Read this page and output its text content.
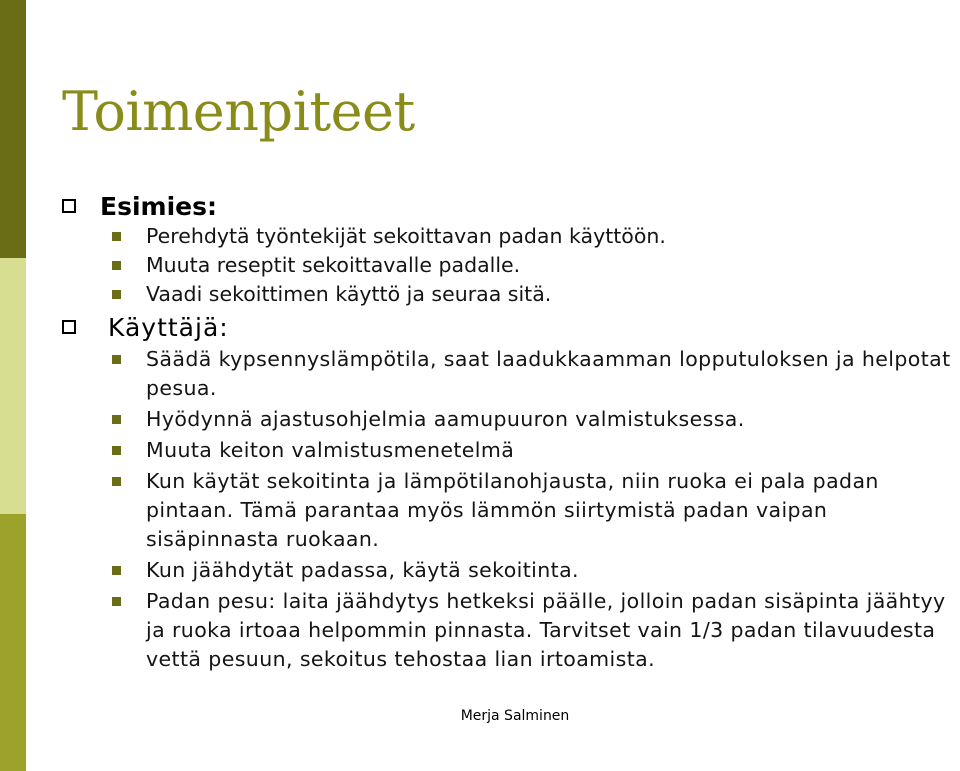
Toimenpiteet
Esimies:
Perehdytä työntekijät sekoittavan padan käyttöön.
Muuta reseptit sekoittavalle padalle.
Vaadi sekoittimen käyttö ja seuraa sitä.
Käyttäjä:
Säädä kypsennyslämpötila, saat laadukkaamman lopputuloksen ja helpotat pesua.
Hyödynnä ajastusohjelmia aamupuuron valmistuksessa.
Muuta keiton valmistusmenetelmä
Kun käytät sekoitinta ja lämpötilanohjausta, niin ruoka ei pala padan pintaan. Tämä parantaa myös lämmön siirtymistä padan vaipan sisäpinnasta ruokaan.
Kun jäähdytät padassa, käytä sekoitinta.
Padan pesu: laita jäähdytys hetkeksi päälle, jolloin padan sisäpinta jäähtyy ja ruoka irtoaa helpommin pinnasta. Tarvitset vain 1/3 padan tilavuudesta vettä pesuun, sekoitus tehostaa lian irtoamista.
Merja Salminen
